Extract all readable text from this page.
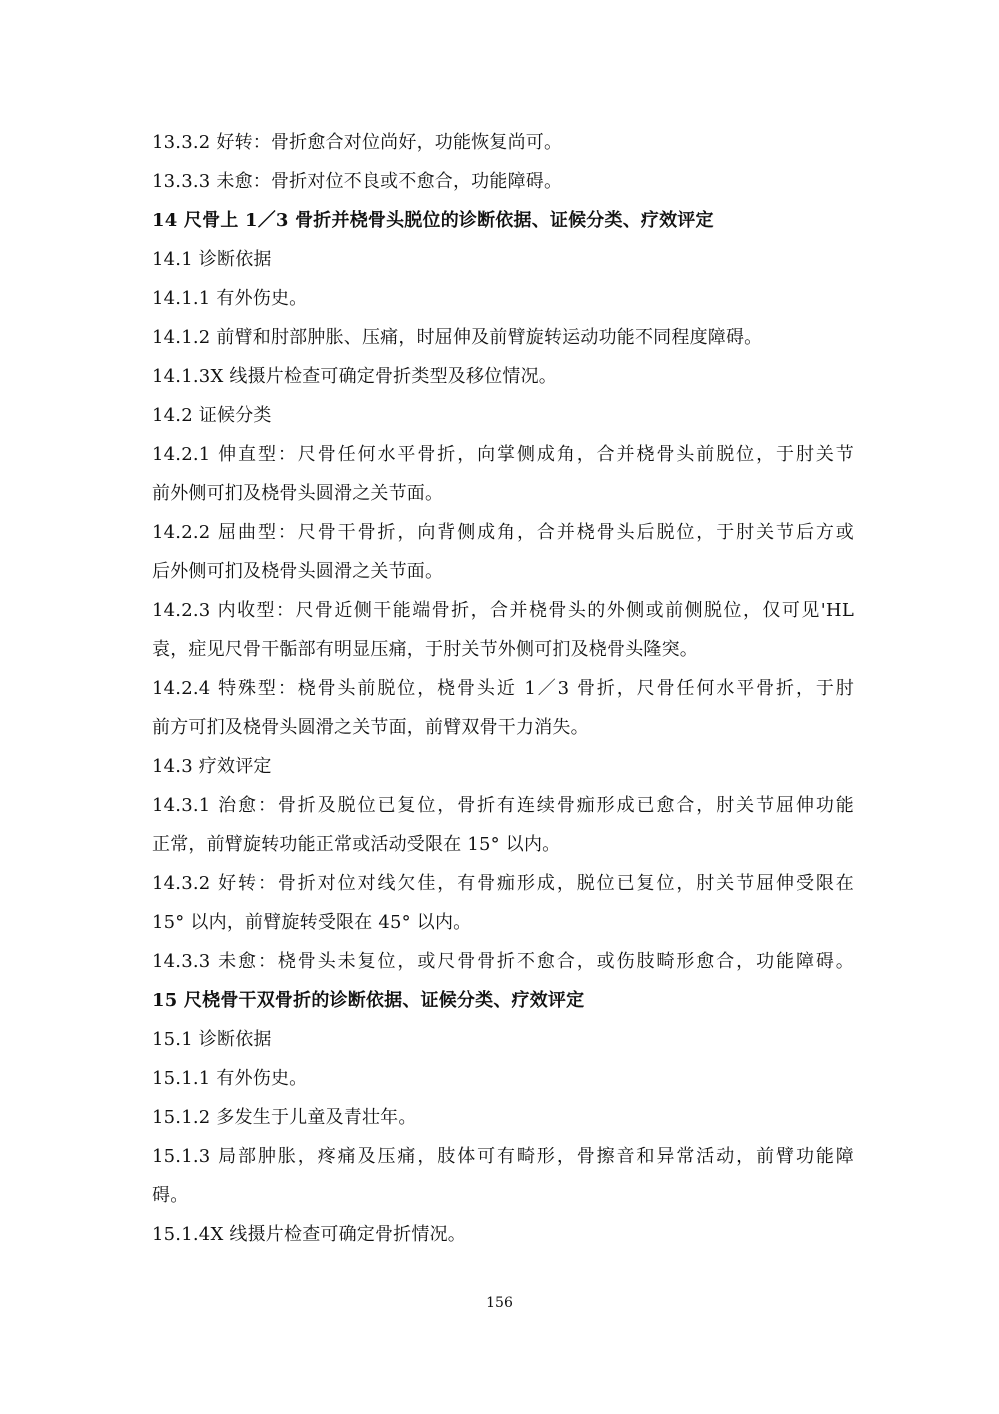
13.3.2 好转：骨折愈合对位尚好，功能恢复尚可。
13.3.3 未愈：骨折对位不良或不愈合，功能障碍。
14 尺骨上 1／3 骨折并桡骨头脱位的诊断依据、证候分类、疗效评定
14.1 诊断依据
14.1.1 有外伤史。
14.1.2 前臂和肘部肿胀、压痛，时屈伸及前臂旋转运动功能不同程度障碍。
14.1.3X 线摄片检查可确定骨折类型及移位情况。
14.2 证候分类
14.2.1 伸直型：尺骨任何水平骨折，向掌侧成角，合并桡骨头前脱位，于肘关节
前外侧可扪及桡骨头圆滑之关节面。
14.2.2 屈曲型：尺骨干骨折，向背侧成角，合并桡骨头后脱位，于肘关节后方或
后外侧可扪及桡骨头圆滑之关节面。
14.2.3 内收型：尺骨近侧干能端骨折，合并桡骨头的外侧或前侧脱位，仅可见'HL
袁，症见尺骨干骺部有明显压痛，于肘关节外侧可扪及桡骨头隆突。
14.2.4 特殊型：桡骨头前脱位，桡骨头近 1／3 骨折，尺骨任何水平骨折，于肘
前方可扪及桡骨头圆滑之关节面，前臂双骨干力消失。
14.3 疗效评定
14.3.1 治愈：骨折及脱位已复位，骨折有连续骨痂形成已愈合，肘关节屈伸功能
正常，前臂旋转功能正常或活动受限在 15° 以内。
14.3.2 好转：骨折对位对线欠佳，有骨痂形成，脱位已复位，肘关节屈伸受限在
15° 以内，前臂旋转受限在 45° 以内。
14.3.3 未愈：桡骨头未复位，或尺骨骨折不愈合，或伤肢畸形愈合，功能障碍。
15 尺桡骨干双骨折的诊断依据、证候分类、疗效评定
15.1 诊断依据
15.1.1 有外伤史。
15.1.2 多发生于儿童及青壮年。
15.1.3 局部肿胀，疼痛及压痛，肢体可有畸形，骨擦音和异常活动，前臂功能障
碍。
15.1.4X 线摄片检查可确定骨折情况。
156
